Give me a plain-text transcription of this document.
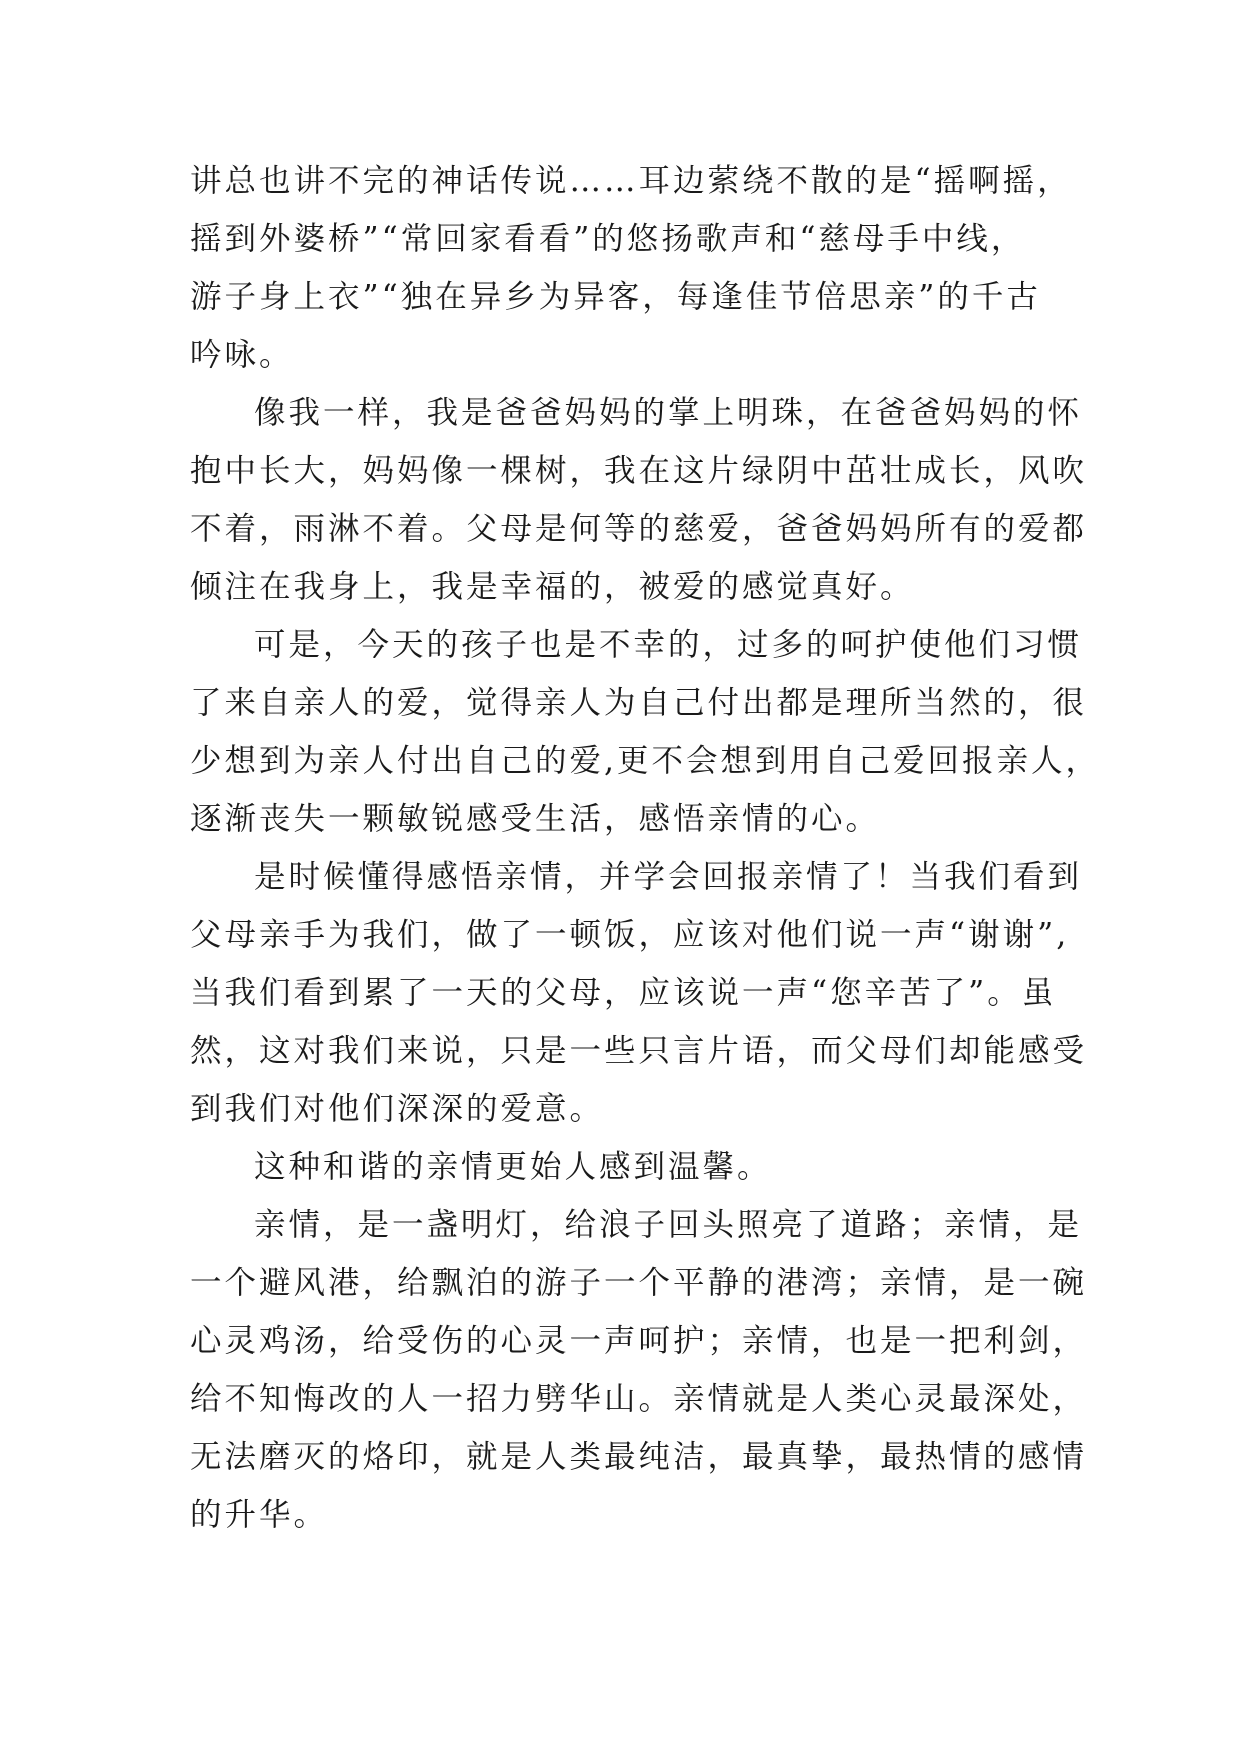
讲总也讲不完的神话传说……耳边萦绕不散的是“摇啊摇，
摇到外婆桥”“常回家看看”的悠扬歌声和“慈母手中线，
游子身上衣”“独在异乡为异客，每逢佳节倍思亲”的千古
吟咏。
像我一样，我是爸爸妈妈的掌上明珠，在爸爸妈妈的怀
抱中长大，妈妈像一棵树，我在这片绿阴中茁壮成长，风吹
不着，雨淋不着。父母是何等的慈爱，爸爸妈妈所有的爱都
倾注在我身上，我是幸福的，被爱的感觉真好。
可是，今天的孩子也是不幸的，过多的呵护使他们习惯
了来自亲人的爱，觉得亲人为自己付出都是理所当然的，很
少想到为亲人付出自己的爱,更不会想到用自己爱回报亲人，
逐渐丧失一颗敏锐感受生活，感悟亲情的心。
是时候懂得感悟亲情，并学会回报亲情了！当我们看到
父母亲手为我们，做了一顿饭，应该对他们说一声“谢谢”,
当我们看到累了一天的父母，应该说一声“您辛苦了”。虽
然，这对我们来说，只是一些只言片语，而父母们却能感受
到我们对他们深深的爱意。
这种和谐的亲情更始人感到温馨。
亲情，是一盏明灯，给浪子回头照亮了道路；亲情，是
一个避风港，给飘泊的游子一个平静的港湾；亲情，是一碗
心灵鸡汤，给受伤的心灵一声呵护；亲情，也是一把利剑，
给不知悔改的人一招力劈华山。亲情就是人类心灵最深处，
无法磨灭的烙印，就是人类最纯洁，最真挚，最热情的感情
的升华。
